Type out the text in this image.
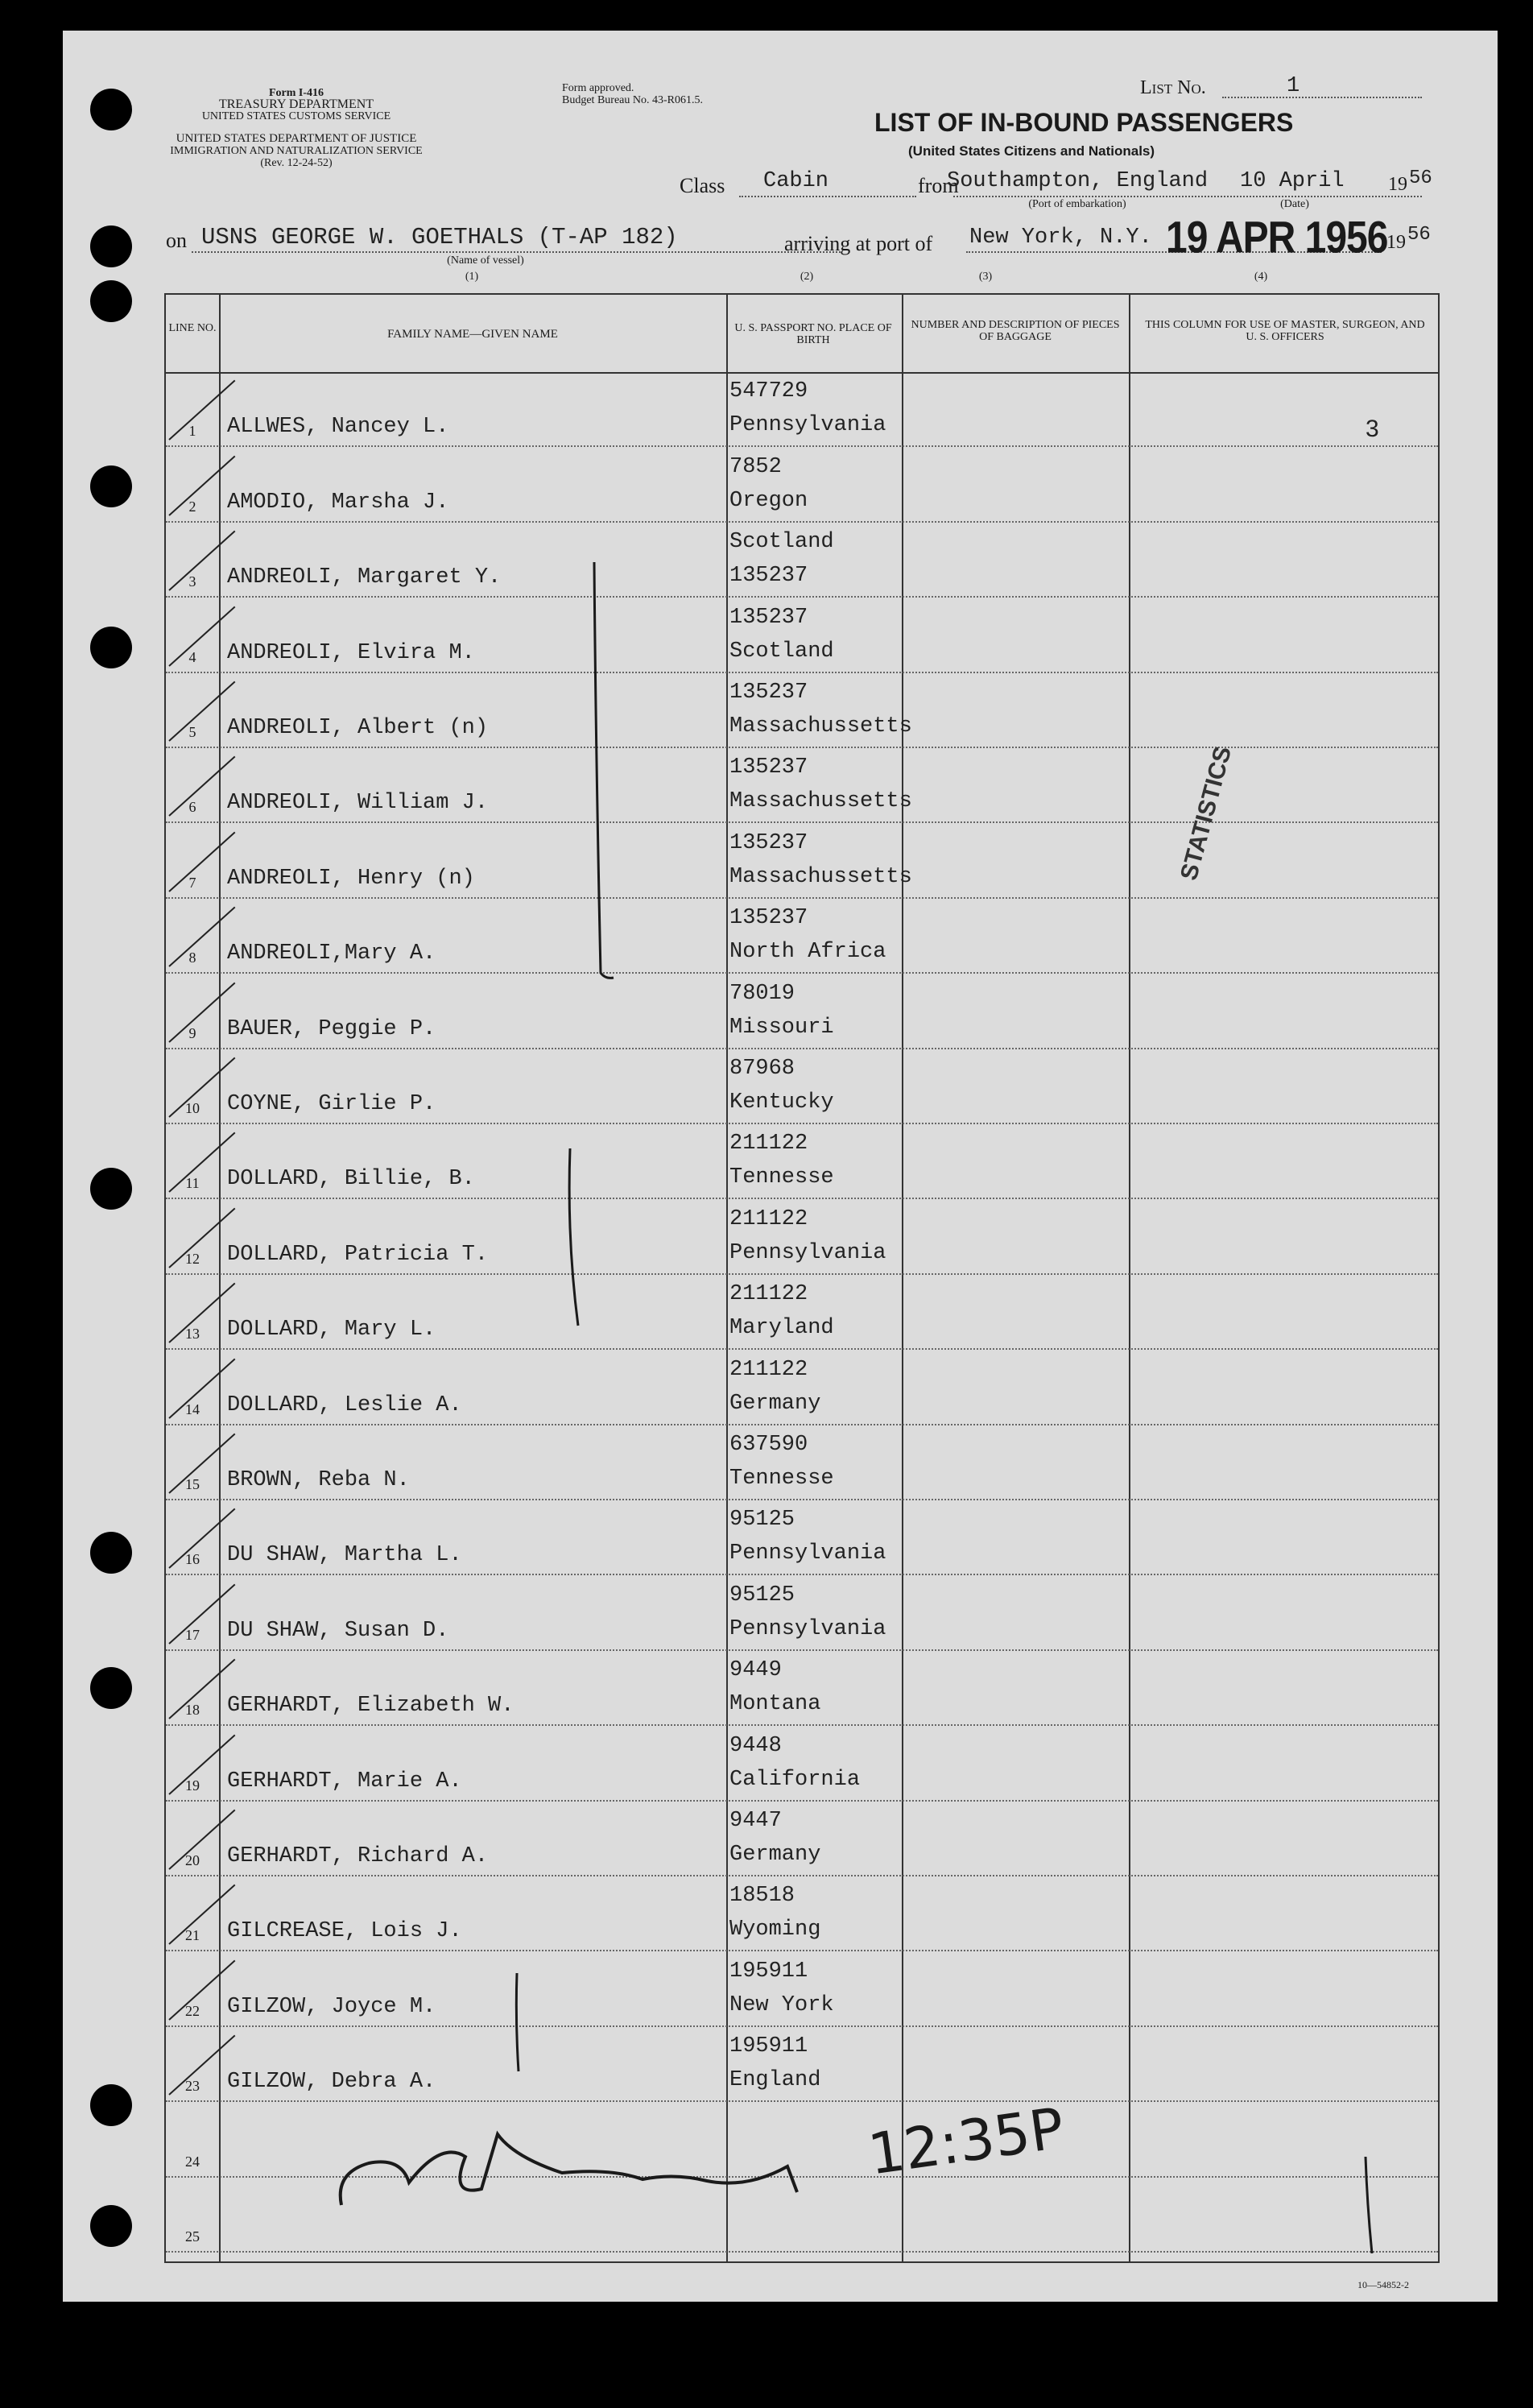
Form I-416
TREASURY DEPARTMENT
UNITED STATES CUSTOMS SERVICE
UNITED STATES DEPARTMENT OF JUSTICE
IMMIGRATION AND NATURALIZATION SERVICE
(Rev. 12-24-52)
Form approved.
Budget Bureau No. 43-R061.5.
List No.	1
LIST OF IN-BOUND PASSENGERS
(United States Citizens and Nationals)
Class Cabin	from
Southampton, England 10 April 19 56
(Port of embarkation)	(Date)
on USNS GEORGE W. GOETHALS (T-AP 182)	arriving at port of New York, N.Y. 19 APR 1956
19 56
(Name of vessel)
(1)	(2)	(3)	(4)
LINE NO.	FAMILY NAME—GIVEN NAME	U. S. PASSPORT NO. PLACE OF BIRTH
NUMBER AND DESCRIPTION OF PIECES OF BAGGAGE
THIS COLUMN FOR USE OF MASTER, SURGEON, AND U. S. OFFICERS
1	ALLWES, Nancey L.
547729
Pennsylvania
2	AMODIO, Marsha J.
7852
Oregon
3	ANDREOLI, Margaret Y.
Scotland
135237
4	ANDREOLI, Elvira M.
135237
Scotland
5	ANDREOLI, Albert (n)
135237
Massachussetts
6	ANDREOLI, William J.
135237
Massachussetts
7	ANDREOLI, Henry (n)
135237
Massachussetts
8	ANDREOLI,Mary A.
135237
North Africa
9	BAUER, Peggie P.
78019
Missouri
10	COYNE, Girlie P.
87968
Kentucky
11	DOLLARD, Billie, B.
211122
Tennesse
12	DOLLARD, Patricia T.
211122
Pennsylvania
13	DOLLARD, Mary L.
211122
Maryland
14	DOLLARD, Leslie A.
211122
Germany
15	BROWN, Reba N.
637590
Tennesse
16	DU SHAW, Martha L.
95125
Pennsylvania
17	DU SHAW, Susan D.
95125
Pennsylvania
18	GERHARDT, Elizabeth W.
9449
Montana
19	GERHARDT, Marie A.
9448
California
20	GERHARDT, Richard A.
9447
Germany
21	GILCREASE, Lois J.
18518
Wyoming
22	GILZOW, Joyce M.
195911
New York
23	GILZOW, Debra A.
195911
England
24
25
3
STATISTICS
12:35P
10—54852-2
